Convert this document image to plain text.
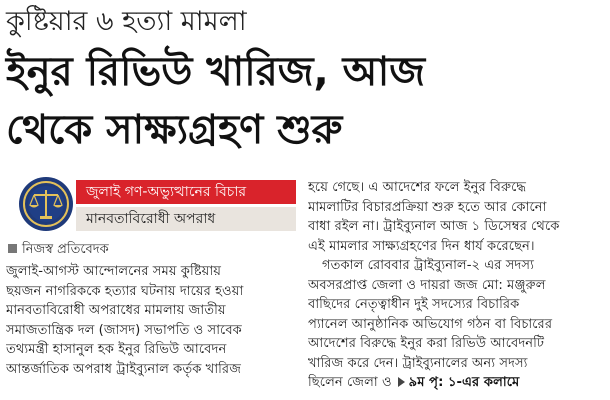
কুষ্টিয়ার ৬ হত্যা মামলা
ইনুর রিভিউ খারিজ, আজ
থেকে সাক্ষ্যগ্রহণ শুরু
জুলাই গণ-অভ্যুত্থানের বিচার
মানবতাবিরোধী অপরাধ
নিজস্ব প্রতিবেদক
জুলাই-আগস্ট আন্দোলনের সময় কুষ্টিয়ায়
ছয়জন নাগরিককে হত্যার ঘটনায় দায়ের হওয়া
মানবতাবিরোধী অপরাধের মামলায় জাতীয়
সমাজতান্ত্রিক দল (জাসদ) সভাপতি ও সাবেক
তথ্যমন্ত্রী হাসানুল হক ইনুর রিভিউ আবেদন
আন্তর্জাতিক অপরাধ ট্রাইব্যুনাল কর্তৃক খারিজ
হয়ে গেছে। এ আদেশের ফলে ইনুর বিরুদ্ধে
মামলাটির বিচারপ্রক্রিয়া শুরু হতে আর কোনো
বাধা রইল না। ট্রাইব্যুনাল আজ ১ ডিসেম্বর থেকে
এই মামলার সাক্ষ্যগ্রহণের দিন ধার্য করেছেন।
গতকাল রোববার ট্রাইব্যুনাল-২ এর সদস্য
অবসরপ্রাপ্ত জেলা ও দায়রা জজ মো: মঞ্জুরুল
বাছিদের নেতৃত্বাধীন দুই সদস্যের বিচারিক
প্যানেল আনুষ্ঠানিক অভিযোগ গঠন বা বিচারের
আদেশের বিরুদ্ধে ইনুর করা রিভিউ আবেদনটি
খারিজ করে দেন। ট্রাইব্যুনালের অন্য সদস্য
ছিলেন জেলা ও ৯ম পৃ: ১-এর কলামে
